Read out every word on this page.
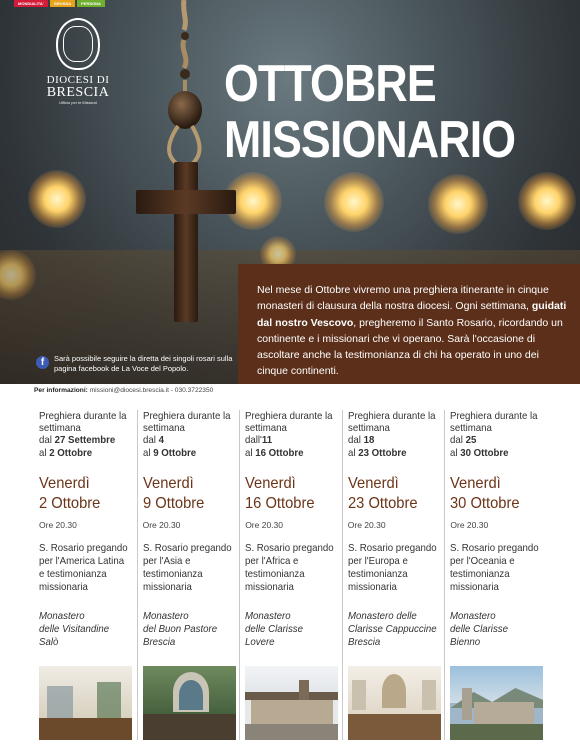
MONDIALITA'	GROSSA	PERSONA
DIOCESI DI
BRESCIA
Ufficio per le Missioni	OTTOBRE
MISSIONARIO
Nel mese di Ottobre vivremo una preghiera itinerante in cinque monasteri di clausura della nostra diocesi. Ogni settimana, guidati dal nostro Vescovo, pregheremo il Santo Rosario, ricordando un continente e i missionari che vi operano. Sarà l'occasione di ascoltare anche la testimonianza di chi ha operato in uno dei cinque continenti.
f	Sarà possibile seguire la diretta dei singoli rosari sulla pagina facebook de La Voce del Popolo.
Per informazioni: missioni@diocesi.brescia.it - 030.3722350
Preghiera durante la settimana
dal 27 Settembre
al 2 Ottobre
Venerdì
2 Ottobre
Ore 20.30
S. Rosario pregando per l'America Latina e testimonianza missionaria
Monastero
delle Visitandine
Salò
Preghiera durante la settimana
dal 4
al 9 Ottobre
Venerdì
9 Ottobre
Ore 20.30
S. Rosario pregando per l'Asia e testimonianza missionaria
Monastero
del Buon Pastore
Brescia
Preghiera durante la settimana
dall'11
al 16 Ottobre
Venerdì
16 Ottobre
Ore 20.30
S. Rosario pregando per l'Africa e testimonianza missionaria
Monastero
delle Clarisse
Lovere
Preghiera durante la settimana
dal 18
al 23 Ottobre
Venerdì
23 Ottobre
Ore 20.30
S. Rosario pregando per l'Europa e testimonianza missionaria
Monastero delle
Clarisse Cappuccine
Brescia
Preghiera durante la settimana
dal 25
al 30 Ottobre
Venerdì
30 Ottobre
Ore 20.30
S. Rosario pregando per l'Oceania e testimonianza missionaria
Monastero
delle Clarisse
Bienno
